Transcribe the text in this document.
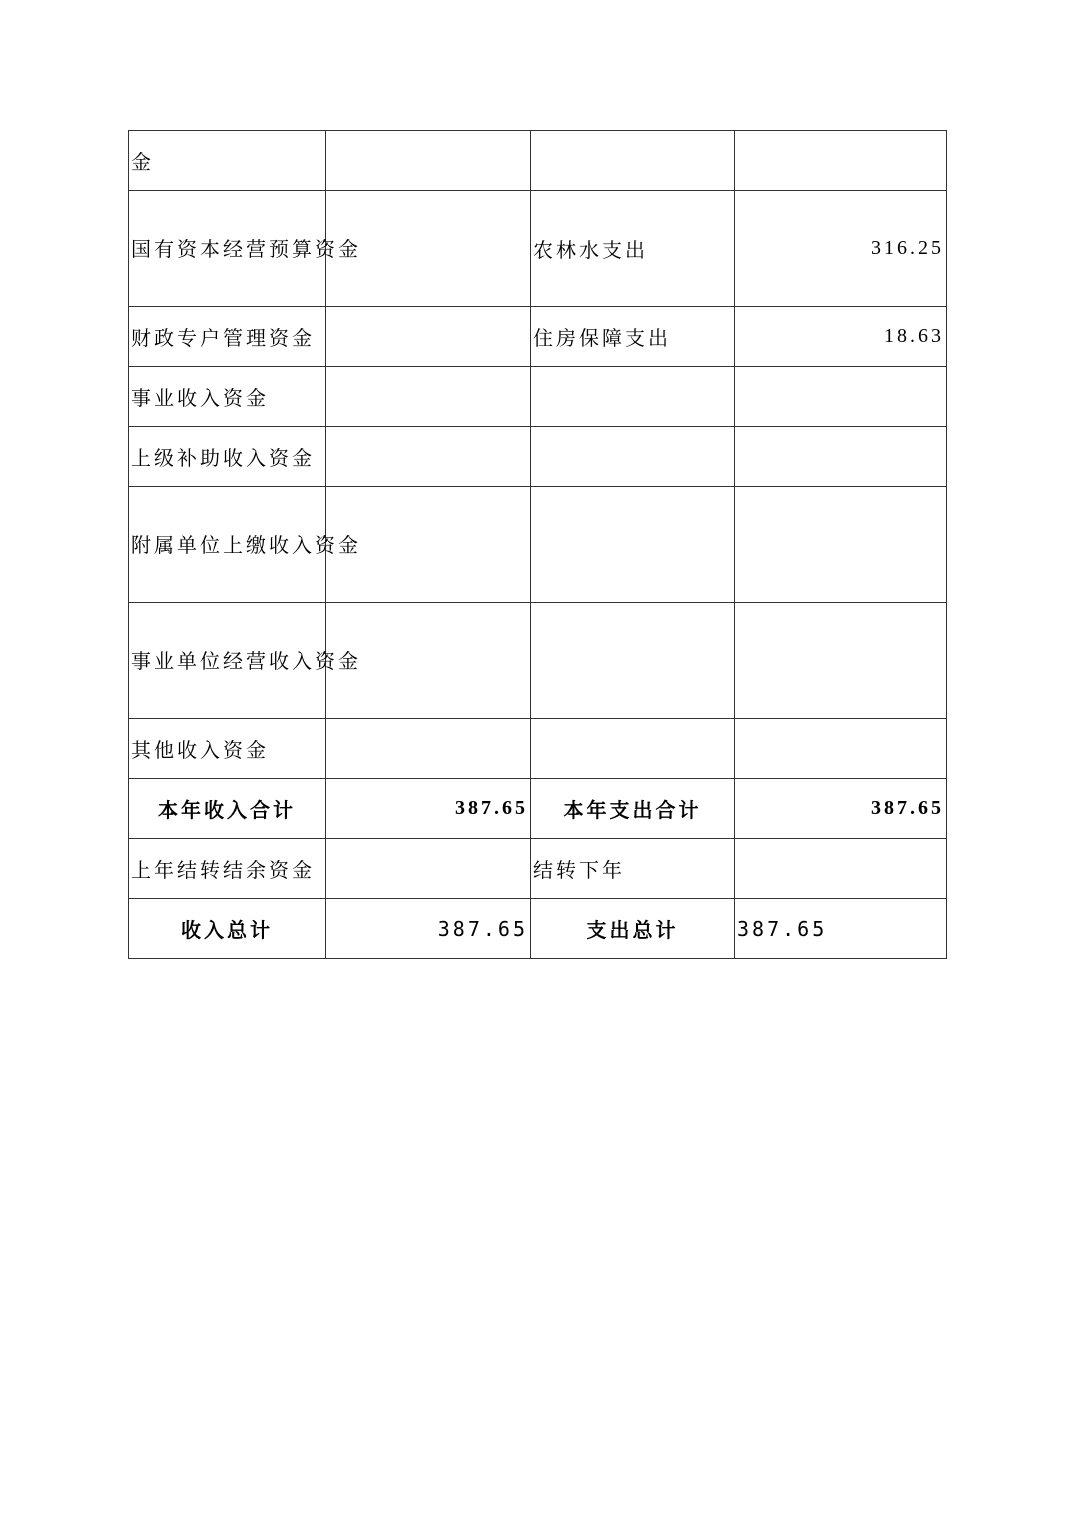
金			
国有资本经营预算资金		农林水支出	316.25
财政专户管理资金		住房保障支出	18.63
事业收入资金			
上级补助收入资金			
附属单位上缴收入资金			
事业单位经营收入资金			
其他收入资金			
本年收入合计	387.65	本年支出合计	387.65
上年结转结余资金		结转下年	
收入总计	387.65	支出总计	387.65
